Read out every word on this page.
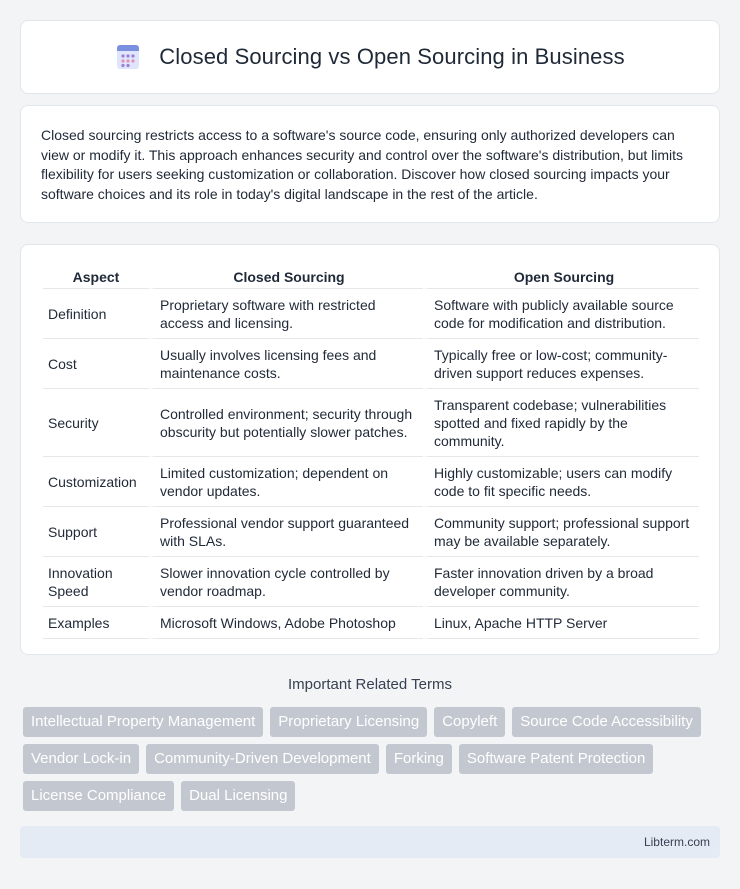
Closed Sourcing vs Open Sourcing in Business

Closed sourcing restricts access to a software's source code, ensuring only authorized developers can view or modify it. This approach enhances security and control over the software's distribution, but limits flexibility for users seeking customization or collaboration. Discover how closed sourcing impacts your software choices and its role in today's digital landscape in the rest of the article.

Aspect	Closed Sourcing	Open Sourcing
Definition	Proprietary software with restricted access and licensing.	Software with publicly available source code for modification and distribution.
Cost	Usually involves licensing fees and maintenance costs.	Typically free or low-cost; community-driven support reduces expenses.
Security	Controlled environment; security through obscurity but potentially slower patches.	Transparent codebase; vulnerabilities spotted and fixed rapidly by the community.
Customization	Limited customization; dependent on vendor updates.	Highly customizable; users can modify code to fit specific needs.
Support	Professional vendor support guaranteed with SLAs.	Community support; professional support may be available separately.
Innovation Speed	Slower innovation cycle controlled by vendor roadmap.	Faster innovation driven by a broad developer community.
Examples	Microsoft Windows, Adobe Photoshop	Linux, Apache HTTP Server
Important Related Terms
Intellectual Property Management	Proprietary Licensing	Copyleft	Source Code Accessibility
Vendor Lock-in	Community-Driven Development	Forking	Software Patent Protection
License Compliance	Dual Licensing
Libterm.com
